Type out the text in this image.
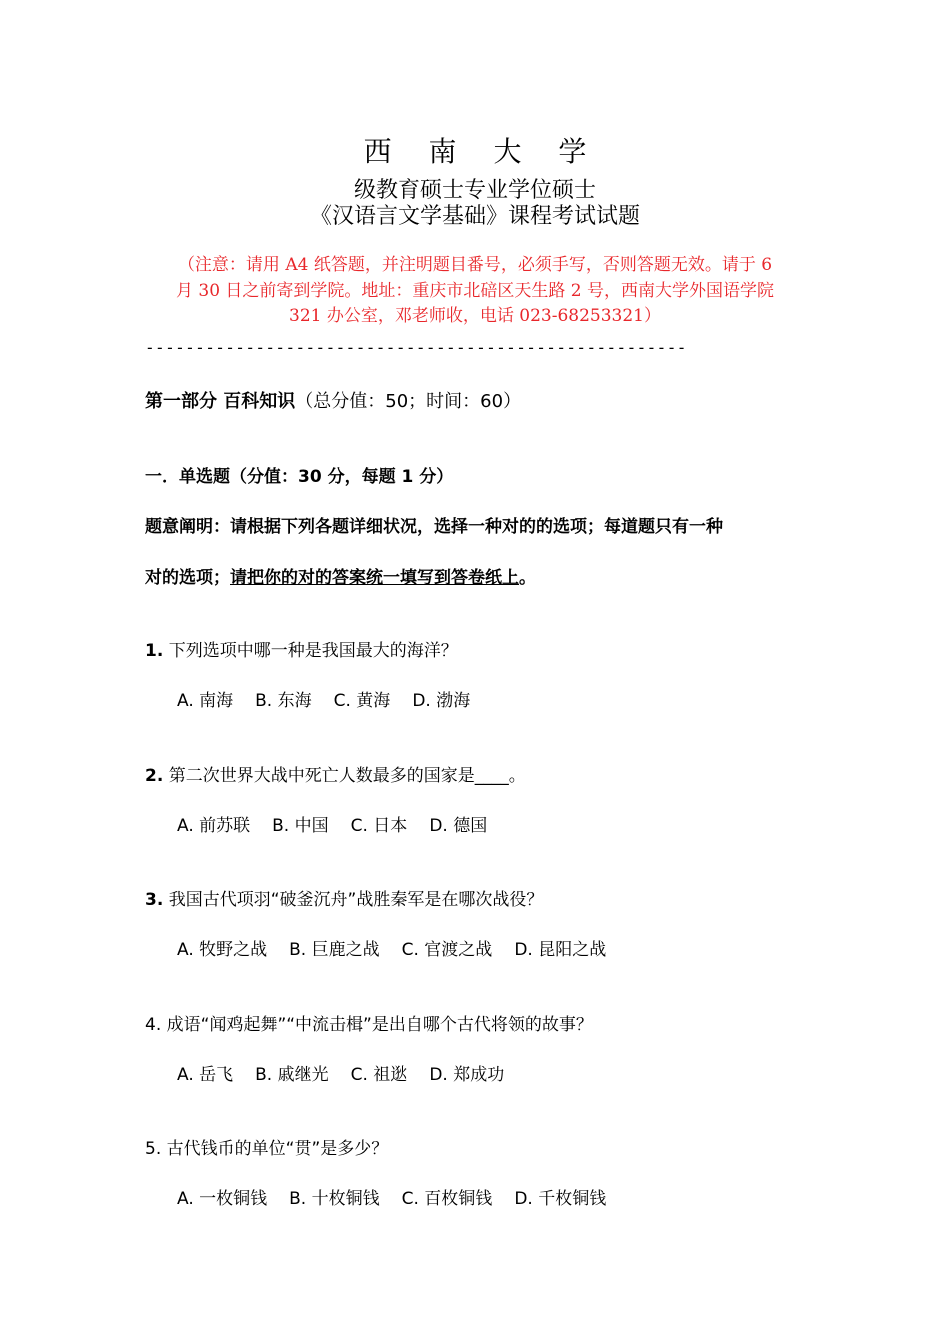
西 南 大 学
级教育硕士专业学位硕士
《汉语言文学基础》课程考试试题
（注意：请用 A4 纸答题，并注明题目番号，必须手写，否则答题无效。请于 6
月 30 日之前寄到学院。地址：重庆市北碚区天生路 2 号，西南大学外国语学院
321 办公室，邓老师收，电话 023-68253321）
------------------------------------------------------
第一部分 百科知识（总分值：50；时间：60）
一．单选题（分值：30 分，每题 1 分）
题意阐明：请根据下列各题详细状况，选择一种对的的选项；每道题只有一种
对的选项；请把你的对的答案统一填写到答卷纸上。
1. 下列选项中哪一种是我国最大的海洋？
A. 南海 B. 东海 C. 黄海 D. 渤海
2. 第二次世界大战中死亡人数最多的国家是____。
A. 前苏联 B. 中国 C. 日本 D. 德国
3. 我国古代项羽“破釜沉舟”战胜秦军是在哪次战役？
A. 牧野之战 B. 巨鹿之战 C. 官渡之战 D. 昆阳之战
4. 成语“闻鸡起舞”“中流击楫”是出自哪个古代将领的故事？
A. 岳飞 B. 戚继光 C. 祖逖 D. 郑成功
5. 古代钱币的单位“贯”是多少？
A. 一枚铜钱 B. 十枚铜钱 C. 百枚铜钱 D. 千枚铜钱
